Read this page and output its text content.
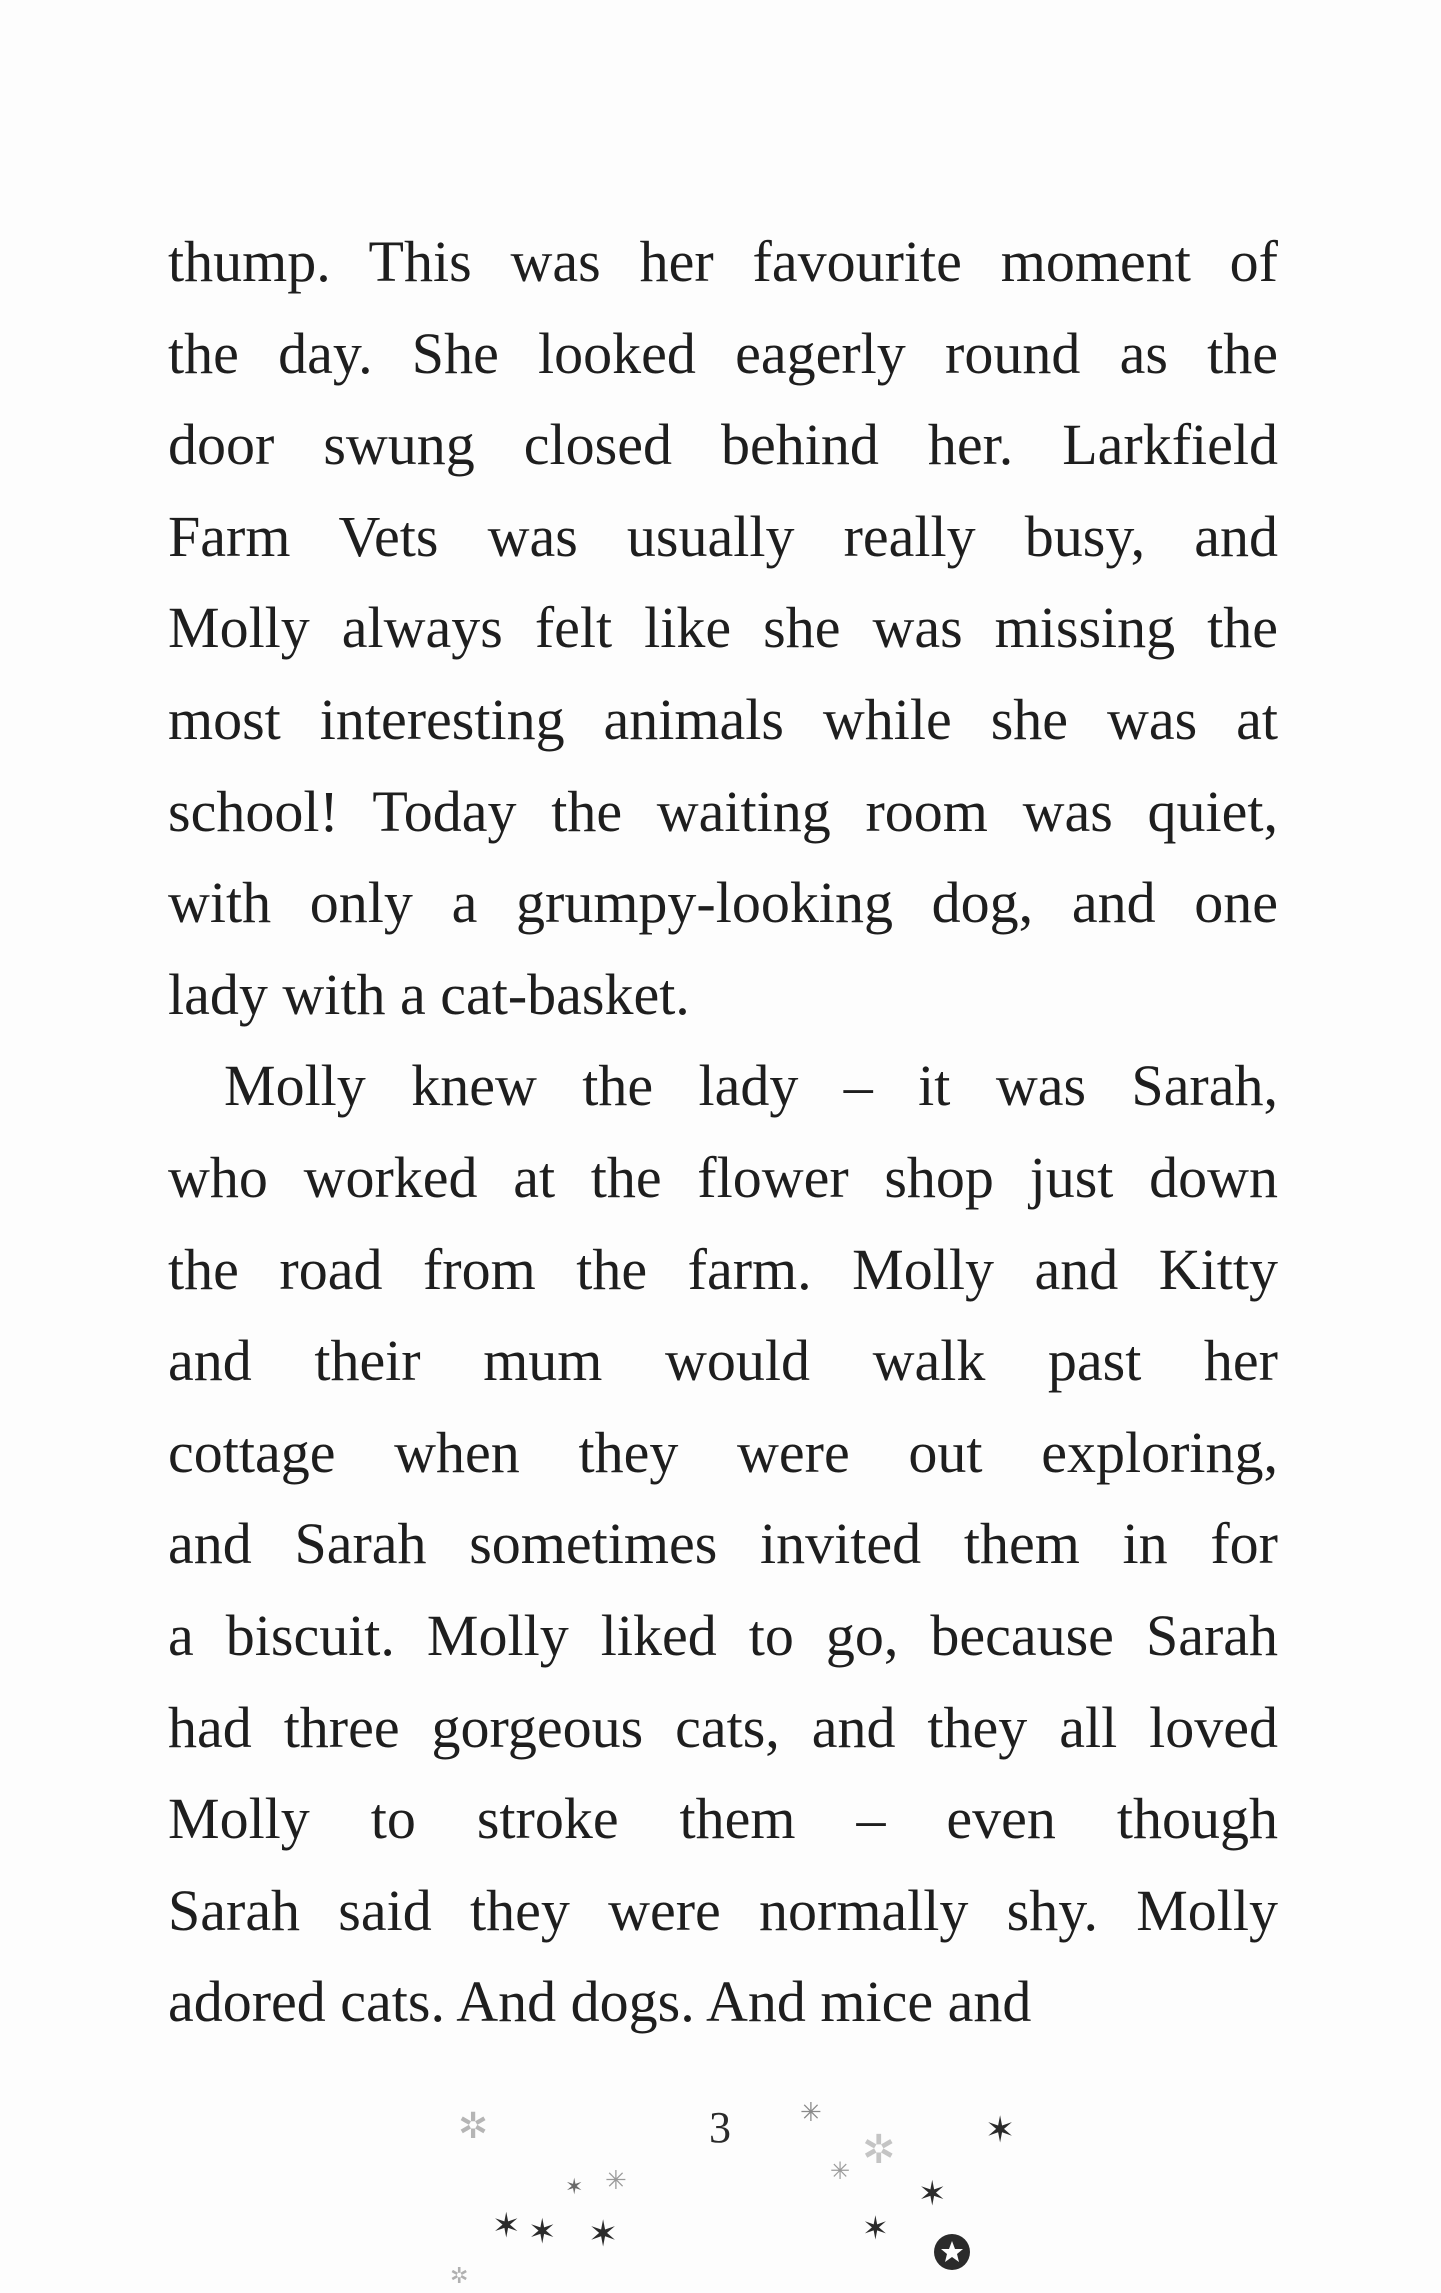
thump. This was her favourite moment of
the day. She looked eagerly round as the
door swung closed behind her. Larkfield
Farm Vets was usually really busy, and
Molly always felt like she was missing the
most interesting animals while she was at
school! Today the waiting room was quiet,
with only a grumpy-looking dog, and one
lady with a cat-basket.
Molly knew the lady – it was Sarah,
who worked at the flower shop just down
the road from the farm. Molly and Kitty
and their mum would walk past her
cottage when they were out exploring,
and Sarah sometimes invited them in for
a biscuit. Molly liked to go, because Sarah
had three gorgeous cats, and they all loved
Molly to stroke them – even though
Sarah said they were normally shy. Molly
adored cats. And dogs. And mice and
3
✲	✳
✲ ✶
✳
✶ ✳
✶ ✶ ✶
✶
✶
✲
